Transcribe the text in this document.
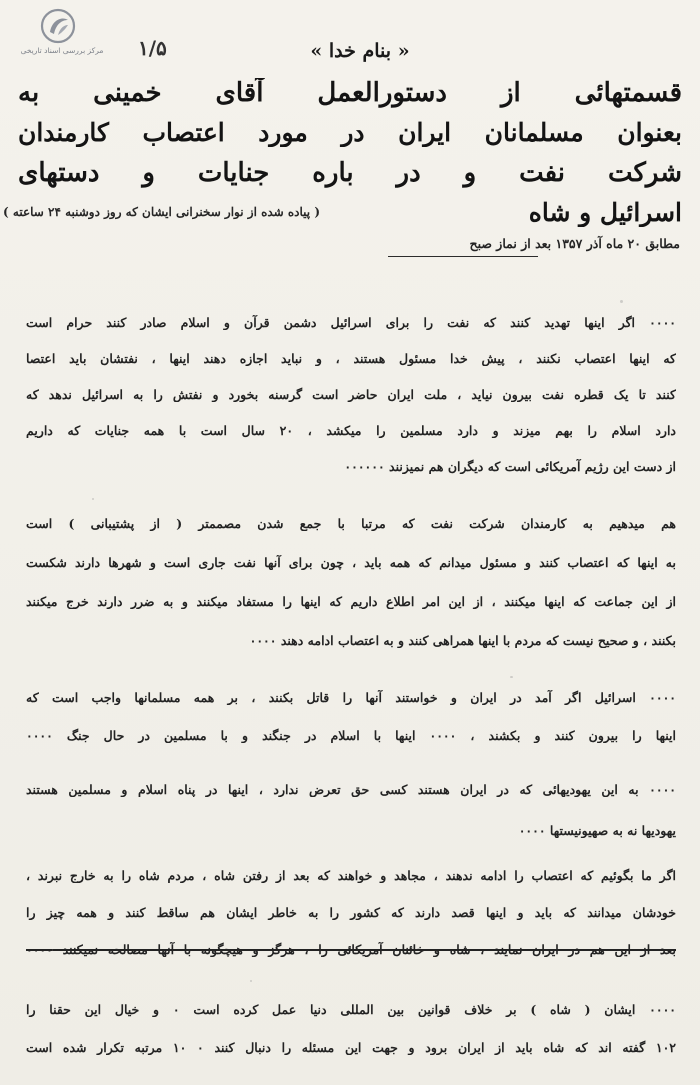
مرکز بررسی اسناد تاریخی	۱/۵	« بنام خدا »
قسمتهائی از دستورالعمل آقای خمینی به
بعنوان مسلمانان ایران در مورد اعتصاب کارمندان
شرکت نفت و در باره جنایات و دستهای
اسرائیل و شاه
( پیاده شده از نوار سخنرانی ایشان که روز دوشنبه ۲۴ ساعته )
مطابق ۲۰ ماه آذر ۱۳۵۷ بعد از نماز صبح
۰۰۰۰ اگر اینها تهدید کنند که نفت را برای اسرائیل دشمن قرآن و اسلام صادر کنند حرام است
که اینها اعتصاب نکنند ، پیش خدا مسئول هستند ، و نباید اجازه دهند اینها ، نفتشان باید اعتصا
کنند تا یک قطره نفت بیرون نیاید ، ملت ایران حاضر است گرسنه بخورد و نفتش را به اسرائیل ندهد که
دارد اسلام را بهم میزند و دارد مسلمین را میکشد ، ۲۰ سال است با همه جنایات که داریم
از دست این رژیم آمریکائی است که دیگران هم نمیزنند ۰۰۰۰۰۰
هم میدهیم به کارمندان شرکت نفت که مرتبا با جمع شدن مصممتر ( از پشتیبانی ) است
به اینها که اعتصاب کنند و مسئول میدانم که همه باید ، چون برای آنها نفت جاری است و شهرها دارند شکست
از این جماعت که اینها میکنند ، از این امر اطلاع داریم که اینها را مستفاد میکنند و به ضرر دارند خرج میکنند
بکنند ، و صحیح نیست که مردم با اینها همراهی کنند و به اعتصاب ادامه دهند ۰۰۰۰
۰۰۰۰ اسرائیل اگر آمد در ایران و خواستند آنها را قاتل بکنند ، بر همه مسلمانها واجب است که
اینها را بیرون کنند و بکشند ، ۰۰۰۰ اینها با اسلام در جنگند و با مسلمین در حال جنگ ۰۰۰۰
۰۰۰۰ به این یهودیهائی که در ایران هستند کسی حق تعرض ندارد ، اینها در پناه اسلام و مسلمین هستند
یهودیها نه به صهیونیستها ۰۰۰۰
اگر ما بگوئیم که اعتصاب را ادامه ندهند ، مجاهد و خواهند که بعد از رفتن شاه ، مردم شاه را به خارج نبرند ،
خودشان میدانند که باید و اینها قصد دارند که کشور را به خاطر ایشان هم ساقط کنند و همه چیز را
بعد از این هم در ایران نمایند ، شاه و خائنان آمریکائی را ، هرگز و هیچگونه با آنها مصالحه نمیکنند ۰۰۰۰
۰۰۰۰ ایشان ( شاه ) بر خلاف قوانین بین المللی دنیا عمل کرده است ۰ و خیال این حقنا را
۱۰۲ گفته اند که شاه باید از ایران برود و جهت این مسئله را دنبال کنند ۰ ۱۰ مرتبه تکرار شده است
